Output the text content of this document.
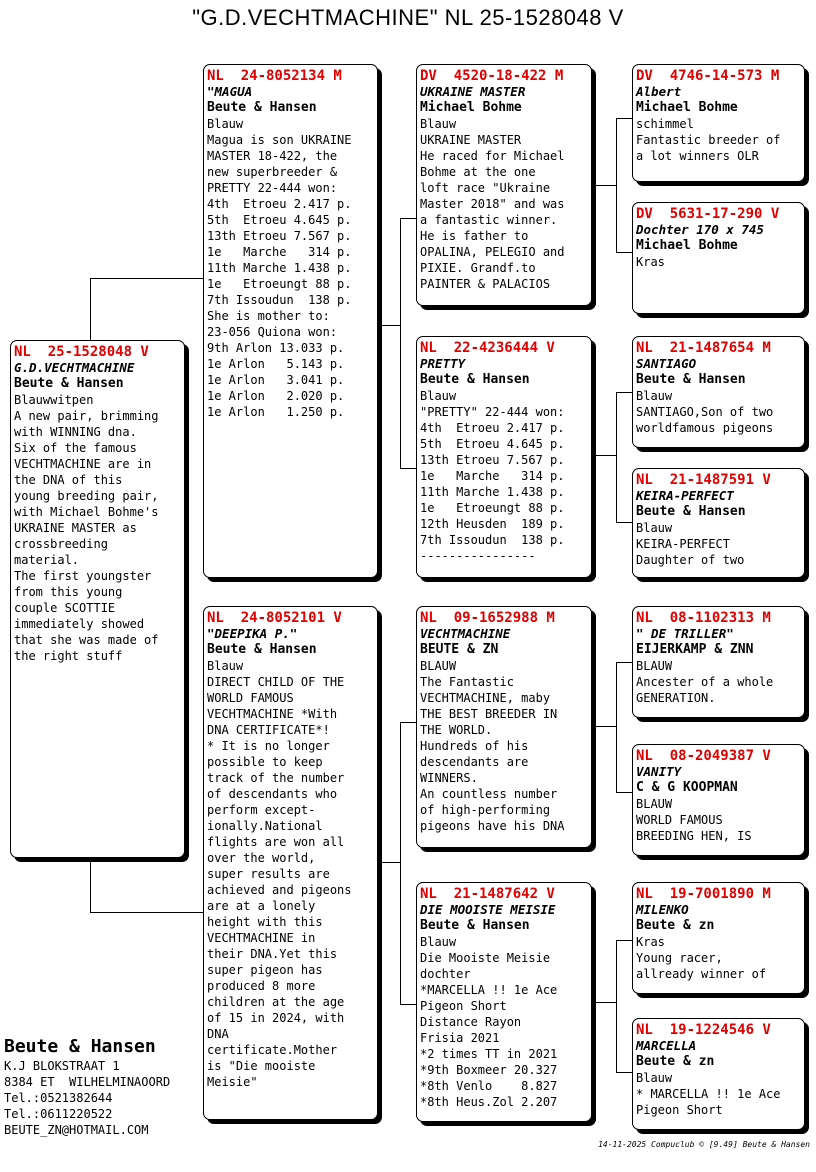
"G.D.VECHTMACHINE" NL 25-1528048 V
NL  25-1528048 V
G.D.VECHTMACHINE
Beute & Hansen
Blauwwitpen
A new pair, brimming
with WINNING dna.
Six of the famous
VECHTMACHINE are in
the DNA of this
young breeding pair,
with Michael Bohme's
UKRAINE MASTER as
crossbreeding
material.
The first youngster
from this young
couple SCOTTIE
immediately showed
that she was made of
the right stuff
NL  24-8052134 M
"MAGUA
Beute & Hansen
Blauw
Magua is son UKRAINE
MASTER 18-422, the
new superbreeder &
PRETTY 22-444 won:
4th  Etroeu 2.417 p.
5th  Etroeu 4.645 p.
13th Etroeu 7.567 p.
1e   Marche   314 p.
11th Marche 1.438 p.
1e   Etroeungt 88 p.
7th Issoudun  138 p.
She is mother to:
23-056 Quiona won:
9th Arlon 13.033 p.
1e Arlon   5.143 p.
1e Arlon   3.041 p.
1e Arlon   2.020 p.
1e Arlon   1.250 p.
NL  24-8052101 V
"DEEPIKA P."
Beute & Hansen
Blauw
DIRECT CHILD OF THE
WORLD FAMOUS
VECHTMACHINE *With
DNA CERTIFICATE*!
* It is no longer
possible to keep
track of the number
of descendants who
perform except-
ionally.National
flights are won all
over the world,
super results are
achieved and pigeons
are at a lonely
height with this
VECHTMACHINE in
their DNA.Yet this
super pigeon has
produced 8 more
children at the age
of 15 in 2024, with
DNA
certificate.Mother
is "Die mooiste
Meisie"
DV  4520-18-422 M
UKRAINE MASTER
Michael Bohme
Blauw
UKRAINE MASTER
He raced for Michael
Bohme at the one
loft race "Ukraine
Master 2018" and was
a fantastic winner.
He is father to
OPALINA, PELEGIO and
PIXIE. Grandf.to
PAINTER & PALACIOS
NL  22-4236444 V
PRETTY
Beute & Hansen
Blauw
"PRETTY" 22-444 won:
4th  Etroeu 2.417 p.
5th  Etroeu 4.645 p.
13th Etroeu 7.567 p.
1e   Marche   314 p.
11th Marche 1.438 p.
1e   Etroeungt 88 p.
12th Heusden  189 p.
7th Issoudun  138 p.
----------------
NL  09-1652988 M
VECHTMACHINE
BEUTE & ZN
BLAUW
The Fantastic
VECHTMACHINE, maby
THE BEST BREEDER IN
THE WORLD.
Hundreds of his
descendants are
WINNERS.
An countless number
of high-performing
pigeons have his DNA
NL  21-1487642 V
DIE MOOISTE MEISIE
Beute & Hansen
Blauw
Die Mooiste Meisie
dochter
*MARCELLA !! 1e Ace
Pigeon Short
Distance Rayon
Frisia 2021
*2 times TT in 2021
*9th Boxmeer 20.327
*8th Venlo    8.827
*8th Heus.Zol 2.207
DV  4746-14-573 M
Albert
Michael Bohme
schimmel
Fantastic breeder of
a lot winners OLR
DV  5631-17-290 V
Dochter 170 x 745
Michael Bohme
Kras
NL  21-1487654 M
SANTIAGO
Beute & Hansen
Blauw
SANTIAGO,Son of two
worldfamous pigeons
NL  21-1487591 V
KEIRA-PERFECT
Beute & Hansen
Blauw
KEIRA-PERFECT
Daughter of two
NL  08-1102313 M
" DE TRILLER"
EIJERKAMP & ZNN
BLAUW
Ancester of a whole
GENERATION.
NL  08-2049387 V
VANITY
C & G KOOPMAN
BLAUW
WORLD FAMOUS
BREEDING HEN, IS
NL  19-7001890 M
MILENKO
Beute & zn
Kras
Young racer,
allready winner of
NL  19-1224546 V
MARCELLA
Beute & zn
Blauw
* MARCELLA !! 1e Ace
Pigeon Short
Beute & Hansen
K.J BLOKSTRAAT 1
8384 ET  WILHELMINAOORD
Tel.:0521382644
Tel.:0611220522
BEUTE_ZN@HOTMAIL.COM
14-11-2025 Compuclub © [9.49] Beute & Hansen
